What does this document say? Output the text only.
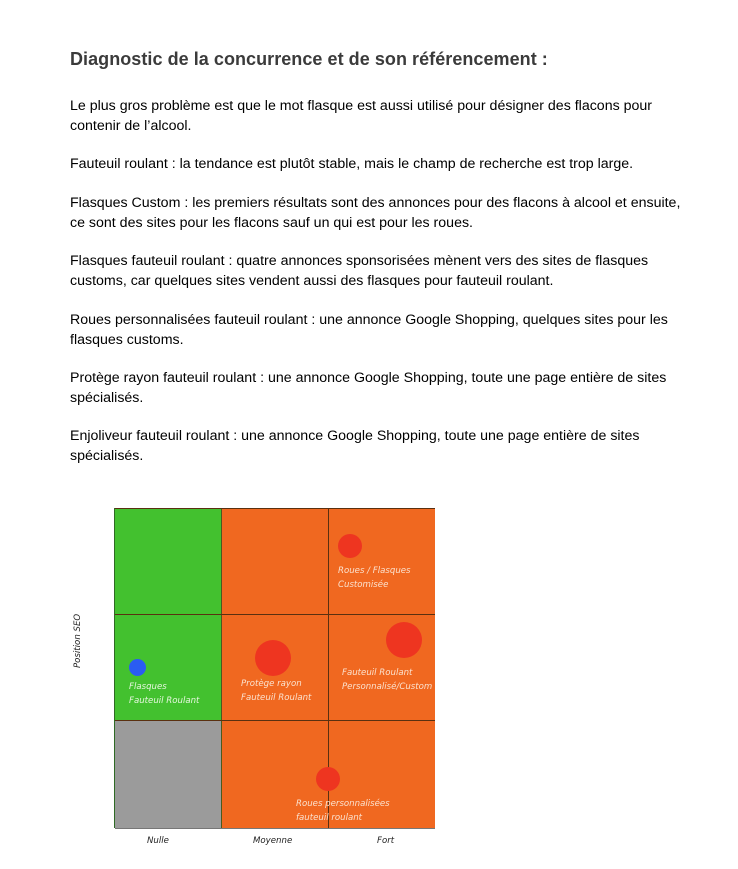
Diagnostic de la concurrence et de son référencement :

Le plus gros problème est que le mot flasque est aussi utilisé pour désigner des flacons pour contenir de l’alcool.

Fauteuil roulant : la tendance est plutôt stable, mais le champ de recherche est trop large.

Flasques Custom : les premiers résultats sont des annonces pour des flacons à alcool et ensuite, ce sont des sites pour les flacons sauf un qui est pour les roues.

Flasques fauteuil roulant : quatre annonces sponsorisées mènent vers des sites de flasques customs, car quelques sites vendent aussi des flasques pour fauteuil roulant.

Roues personnalisées fauteuil roulant : une annonce Google Shopping, quelques sites pour les flasques customs.

Protège rayon fauteuil roulant : une annonce Google Shopping, toute une page entière de sites spécialisés.

Enjoliveur fauteuil roulant : une annonce Google Shopping, toute une page entière de sites spécialisés.

Roues / Flasques
Customisée
Flasques
Fauteuil Roulant
Protège rayon
Fauteuil Roulant
Fauteuil Roulant
Personnalisé/Custom
Roues personnalisées
fauteuil roulant
Position SEO
Nulle	Moyenne	Fort
